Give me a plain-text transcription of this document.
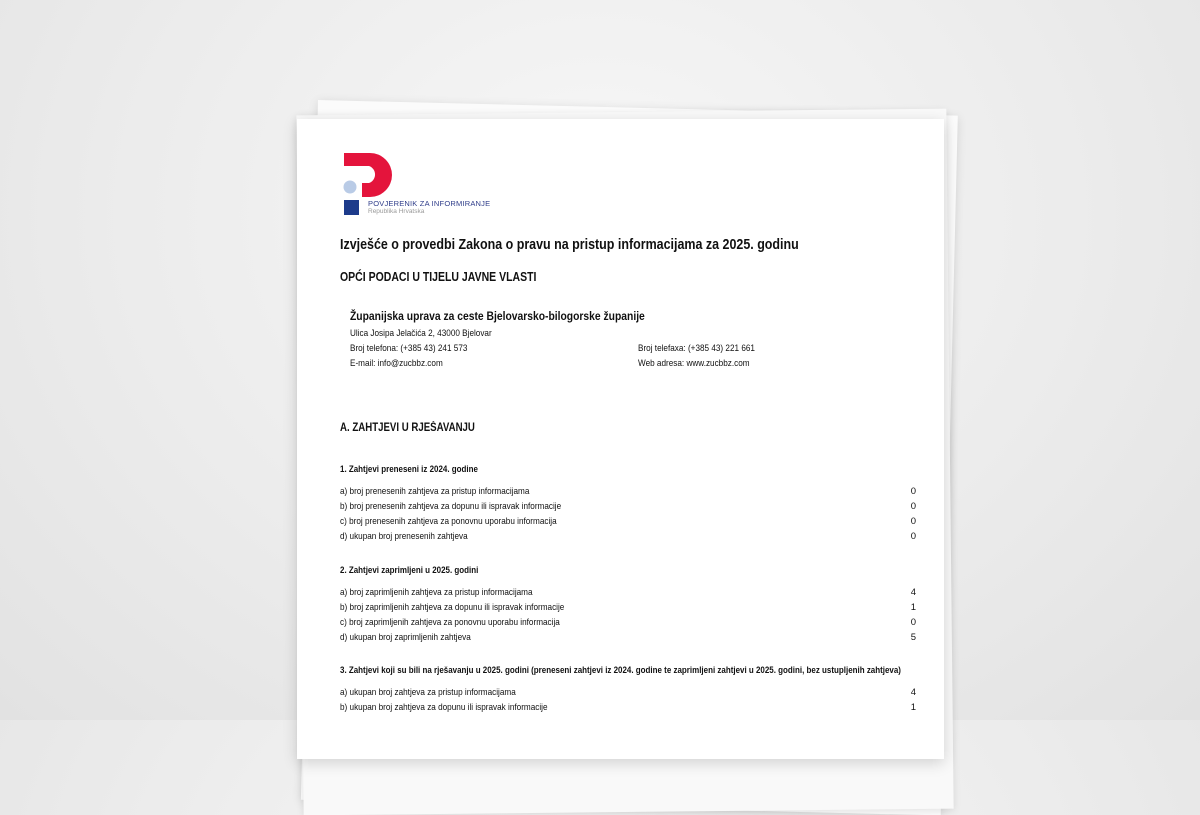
POVJERENIK ZA INFORMIRANJE
Republika Hrvatska
Izvješće o provedbi Zakona o pravu na pristup informacijama za 2025. godinu
OPĆI PODACI U TIJELU JAVNE VLASTI
Županijska uprava za ceste Bjelovarsko-bilogorske županije
Ulica Josipa Jelačića 2, 43000 Bjelovar
Broj telefona: (+385 43) 241 573	Broj telefaxa: (+385 43) 221 661
E-mail: info@zucbbz.com	Web adresa: www.zucbbz.com
A. ZAHTJEVI U RJEŠAVANJU
1. Zahtjevi preneseni iz 2024. godine
a) broj prenesenih zahtjeva za pristup informacijama	0
b) broj prenesenih zahtjeva za dopunu ili ispravak informacije	0
c) broj prenesenih zahtjeva za ponovnu uporabu informacija	0
d) ukupan broj prenesenih zahtjeva	0
2. Zahtjevi zaprimljeni u 2025. godini
a) broj zaprimljenih zahtjeva za pristup informacijama	4
b) broj zaprimljenih zahtjeva za dopunu ili ispravak informacije	1
c) broj zaprimljenih zahtjeva za ponovnu uporabu informacija	0
d) ukupan broj zaprimljenih zahtjeva	5
3. Zahtjevi koji su bili na rješavanju u 2025. godini (preneseni zahtjevi iz 2024. godine te zaprimljeni zahtjevi u 2025. godini, bez ustupljenih zahtjeva)
a) ukupan broj zahtjeva za pristup informacijama	4
b) ukupan broj zahtjeva za dopunu ili ispravak informacije	1
